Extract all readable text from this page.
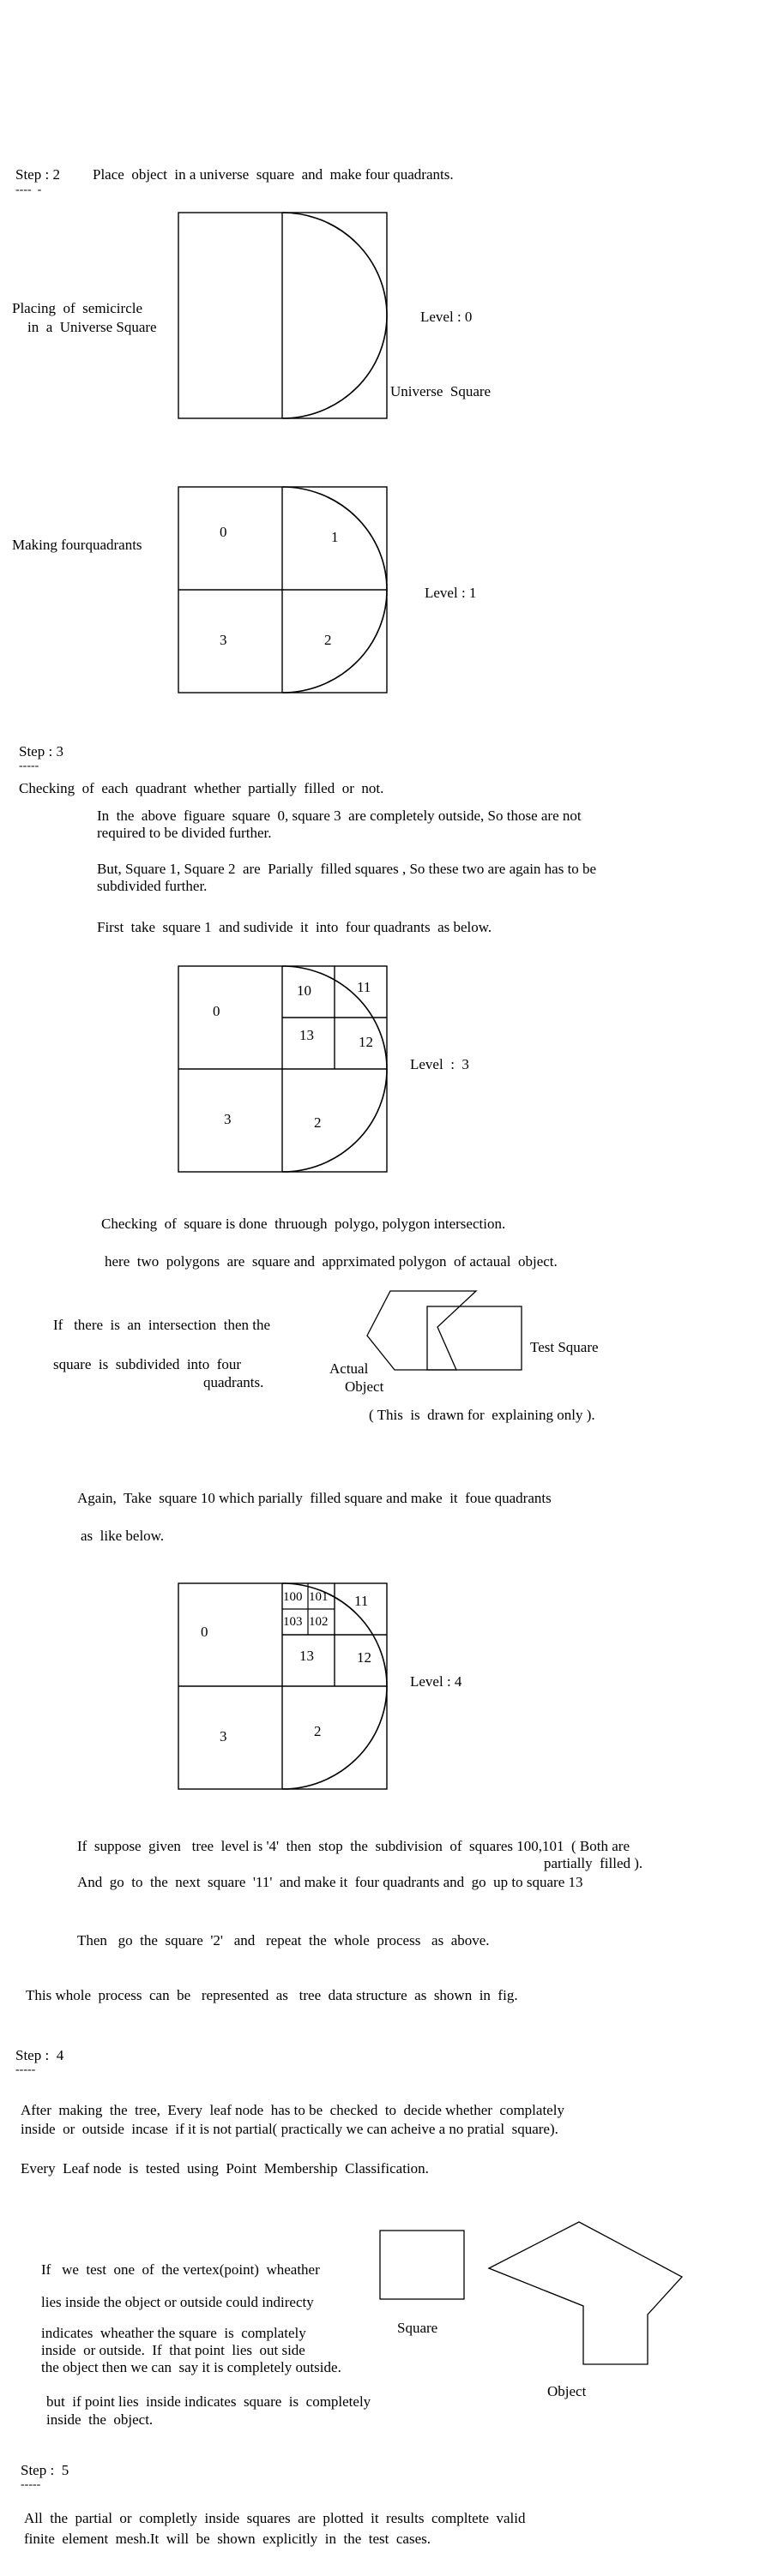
Step : 2 Place  object  in a universe  square  and  make four quadrants.
----  -
Placing  of  semicircle
in  a  Universe Square
Level : 0
Universe  Square
Making fourquadrants
0	1
3	2
Level : 1
Step : 3
-----
Checking  of  each  quadrant  whether  partially  filled  or  not.
In  the  above  figuare  square  0, square 3  are completely outside, So those are not
required to be divided further.
But, Square 1, Square 2  are  Parially  filled squares , So these two are again has to be
subdivided further.
First  take  square 1  and sudivide  it  into  four quadrants  as below.
0
10	11
13	12
3	2
Level  :  3
Checking  of  square is done  thruough  polygo, polygon intersection.
here  two  polygons  are  square and  apprximated polygon  of actaual  object.
If   there  is  an  intersection  then the
square  is  subdivided  into  four
quadrants.
Actual
Object
Test Square
( This  is  drawn for  explaining only ).
Again,  Take  square 10 which parially  filled square and make  it  foue quadrants
as  like below.
0
100 101
103 102
11
13	12
3	2
Level : 4
If  suppose  given   tree  level is '4'  then  stop  the  subdivision  of  squares 100,101  ( Both are
partially  filled ).
And  go  to  the  next  square  '11'  and make it  four quadrants and  go  up to square 13
Then   go  the  square  '2'   and   repeat  the  whole  process   as  above.
This whole  process  can  be   represented  as   tree  data structure  as  shown  in  fig.
Step :  4
-----
After  making  the  tree,  Every  leaf node  has to be  checked  to  decide whether  complately
inside  or  outside  incase  if it is not partial( practically we can acheive a no pratial  square).
Every  Leaf node  is  tested  using  Point  Membership  Classification.
If   we  test  one  of  the vertex(point)  wheather
lies inside the object or outside could indirecty
indicates  wheather the square  is  complately
inside  or outside.  If  that point  lies  out side
the object then we can  say it is completely outside.
but  if point lies  inside indicates  square  is  completely
inside  the  object.
Square
Object
Step :  5
-----
All  the  partial  or  completly  inside  squares  are  plotted  it  results  compltete  valid
finite  element  mesh.It  will  be  shown  explicitly  in  the  test  cases.
